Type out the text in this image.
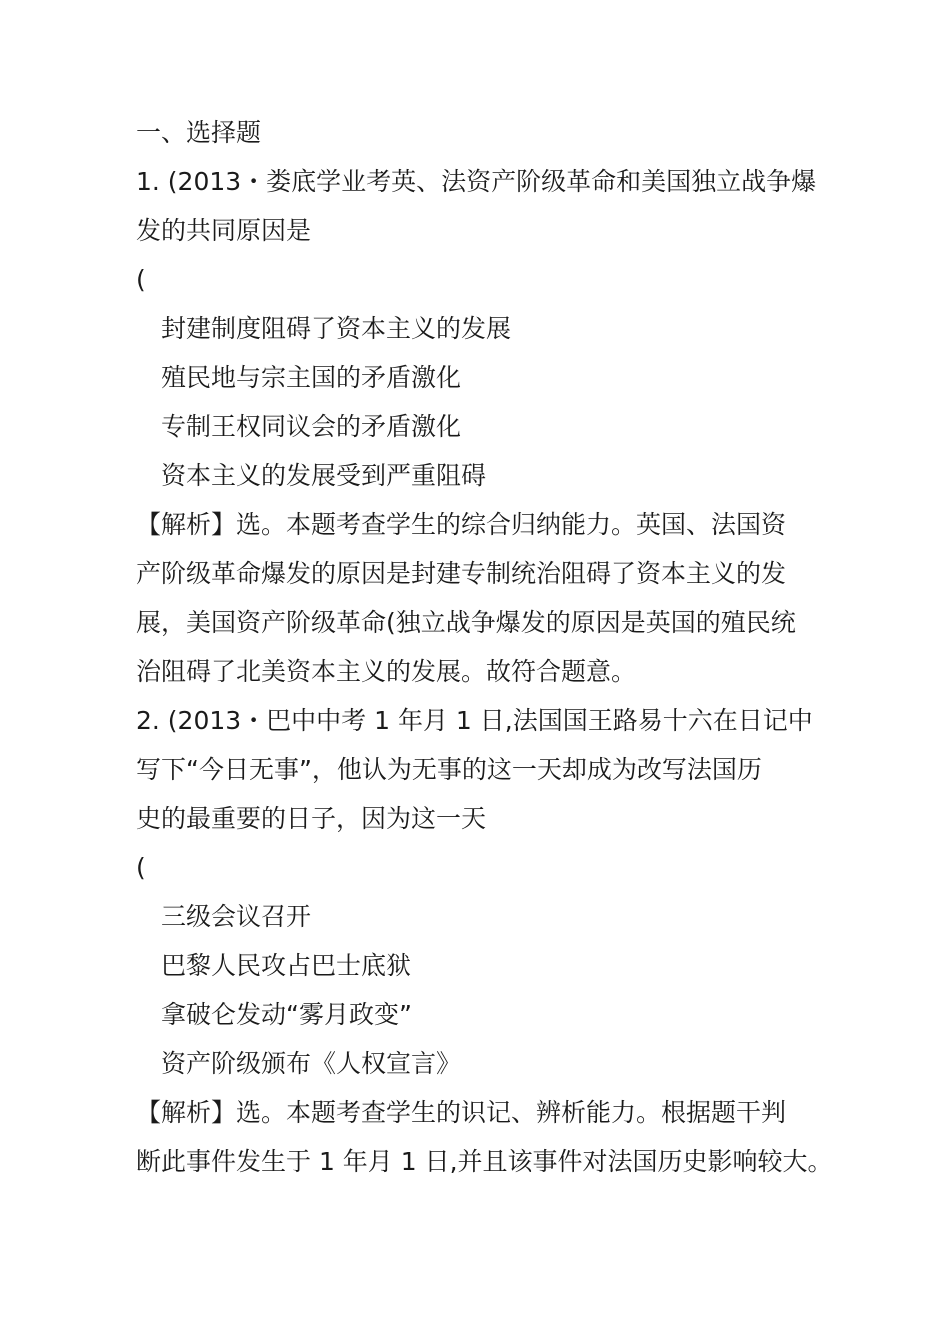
一、选择题
1. (2013・娄底学业考英、法资产阶级革命和美国独立战争爆
发的共同原因是
(
封建制度阻碍了资本主义的发展
殖民地与宗主国的矛盾激化
专制王权同议会的矛盾激化
资本主义的发展受到严重阻碍
【解析】选。本题考查学生的综合归纳能力。英国、法国资
产阶级革命爆发的原因是封建专制统治阻碍了资本主义的发
展，美国资产阶级革命(独立战争爆发的原因是英国的殖民统
治阻碍了北美资本主义的发展。故符合题意。
2. (2013・巴中中考 1 年月 1 日,法国国王路易十六在日记中
写下“今日无事”，他认为无事的这一天却成为改写法国历
史的最重要的日子，因为这一天
(
三级会议召开
巴黎人民攻占巴士底狱
拿破仑发动“雾月政变”
资产阶级颁布《人权宣言》
【解析】选。本题考查学生的识记、辨析能力。根据题干判
断此事件发生于 1 年月 1 日,并且该事件对法国历史影响较大。
